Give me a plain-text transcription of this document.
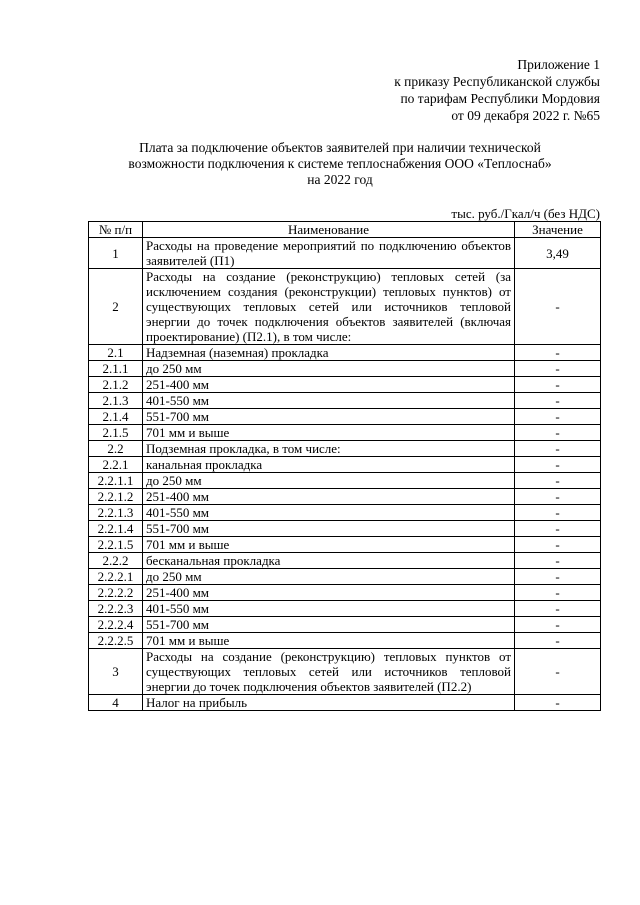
Приложение 1
к приказу Республиканской службы
по тарифам Республики Мордовия
от 09 декабря 2022 г. №65
Плата за подключение объектов заявителей при наличии технической
возможности подключения к системе теплоснабжения ООО «Теплоснаб»
на 2022 год
тыс. руб./Гкал/ч (без НДС)
№ п/п	Наименование	Значение
1	Расходы на проведение мероприятий по подключению объектов заявителей (П1)	3,49
2	Расходы на создание (реконструкцию) тепловых сетей (за исключением создания (реконструкции) тепловых пунктов) от существующих тепловых сетей или источников тепловой энергии до точек подключения объектов заявителей (включая проектирование) (П2.1), в том числе:	-
2.1	Надземная (наземная) прокладка	-
2.1.1	до 250 мм	-
2.1.2	251-400 мм	-
2.1.3	401-550 мм	-
2.1.4	551-700 мм	-
2.1.5	701 мм и выше	-
2.2	Подземная прокладка, в том числе:	-
2.2.1	канальная прокладка	-
2.2.1.1	до 250 мм	-
2.2.1.2	251-400 мм	-
2.2.1.3	401-550 мм	-
2.2.1.4	551-700 мм	-
2.2.1.5	701 мм и выше	-
2.2.2	бесканальная прокладка	-
2.2.2.1	до 250 мм	-
2.2.2.2	251-400 мм	-
2.2.2.3	401-550 мм	-
2.2.2.4	551-700 мм	-
2.2.2.5	701 мм и выше	-
3	Расходы на создание (реконструкцию) тепловых пунктов от существующих тепловых сетей или источников тепловой энергии до точек подключения объектов заявителей (П2.2)	-
4	Налог на прибыль	-
